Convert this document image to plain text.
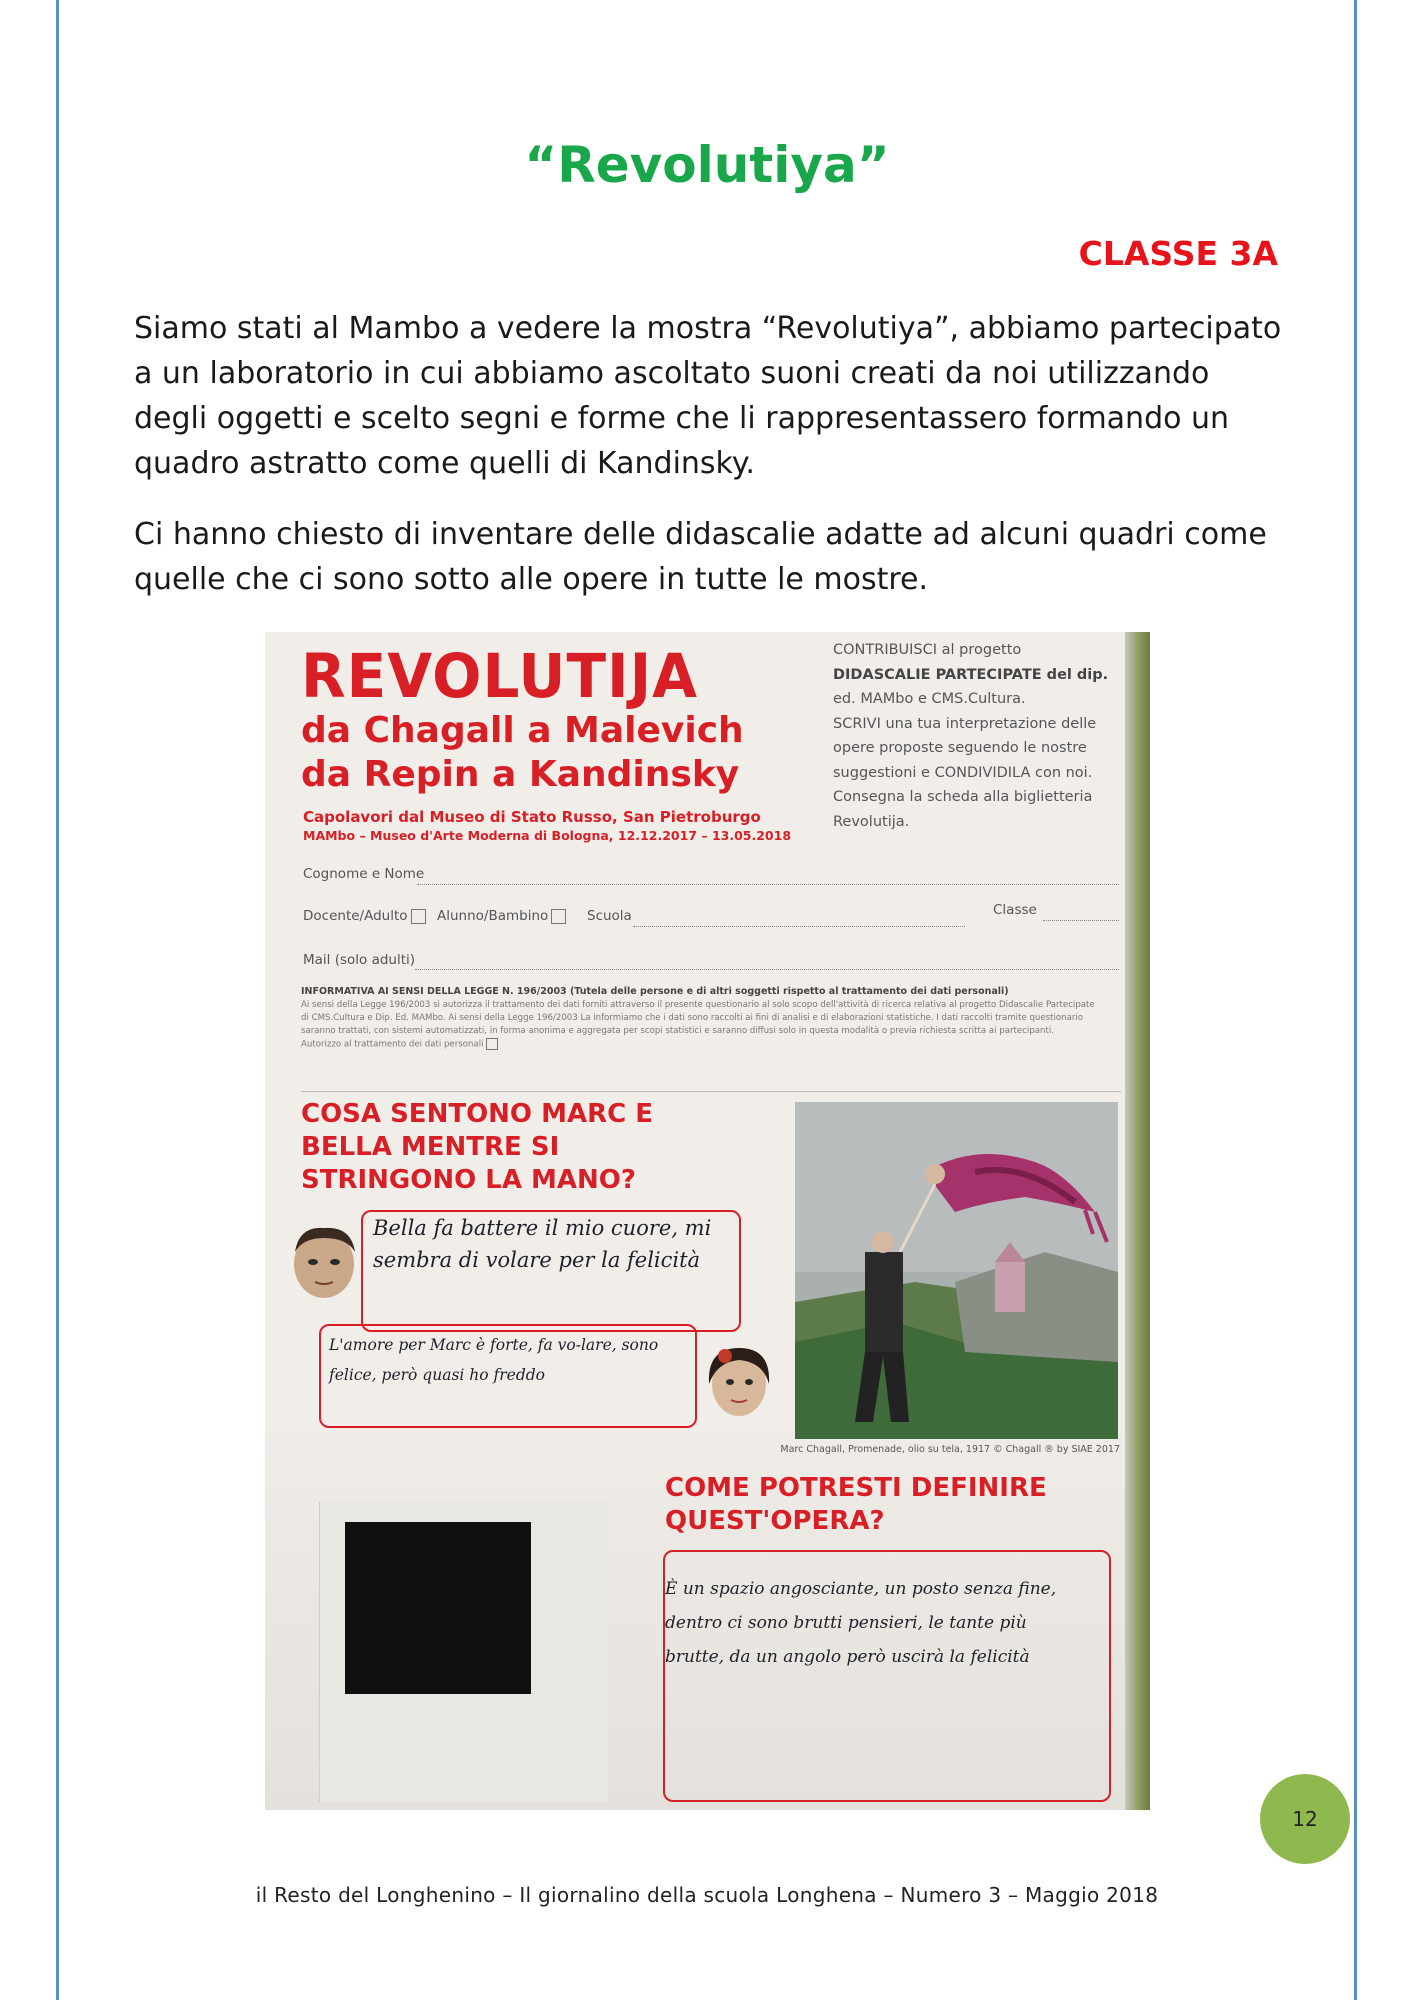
“Revolutiya”
CLASSE 3A

Siamo stati al Mambo a vedere la mostra “Revolutiya”, abbiamo partecipato a un laboratorio in cui abbiamo ascoltato suoni creati da noi utilizzando degli oggetti e scelto segni e forme che li rappresentassero formando un quadro astratto come quelli di Kandinsky.

Ci hanno chiesto di inventare delle didascalie adatte ad alcuni quadri come quelle che ci sono sotto alle opere in tutte le mostre.

REVOLUTIJA
da Chagall a Malevich
da Repin a Kandinsky
Capolavori dal Museo di Stato Russo, San Pietroburgo
MAMbo – Museo d'Arte Moderna di Bologna, 12.12.2017 – 13.05.2018
CONTRIBUISCI al progetto
DIDASCALIE PARTECIPATE del dip.
ed. MAMbo e CMS.Cultura.
SCRIVI una tua interpretazione delle
opere proposte seguendo le nostre
suggestioni e CONDIVIDILA con noi.
Consegna la scheda alla biglietteria
Revolutija.
Cognome e Nome
Docente/Adulto	Alunno/Bambino	Scuola	Classe
Mail (solo adulti)
INFORMATIVA AI SENSI DELLA LEGGE N. 196/2003 (Tutela delle persone e di altri soggetti rispetto al trattamento dei dati personali)
Ai sensi della Legge 196/2003 si autorizza il trattamento dei dati forniti attraverso il presente questionario al solo scopo dell'attività di ricerca relativa al progetto Didascalie Partecipate di CMS.Cultura e Dip. Ed. MAMbo. Ai sensi della Legge 196/2003 La informiamo che i dati sono raccolti ai fini di analisi e di elaborazioni statistiche. I dati raccolti tramite questionario saranno trattati, con sistemi automatizzati, in forma anonima e aggregata per scopi statistici e saranno diffusi solo in questa modalità o previa richiesta scritta ai partecipanti.
Autorizzo al trattamento dei dati personali
COSA SENTONO MARC E BELLA MENTRE SI STRINGONO LA MANO?
Bella fa battere il mio cuore, mi sembra di volare per la felicità
L'amore per Marc è forte, fa vo-lare, sono felice, però quasi ho freddo
Marc Chagall, Promenade, olio su tela, 1917 © Chagall ® by SIAE 2017
COME POTRESTI DEFINIRE QUEST'OPERA?
È un spazio angosciante, un posto senza fine, dentro ci sono brutti pensieri, le tante più brutte, da un angolo però uscirà la felicità
12
il Resto del Longhenino – Il giornalino della scuola Longhena – Numero 3 – Maggio 2018
